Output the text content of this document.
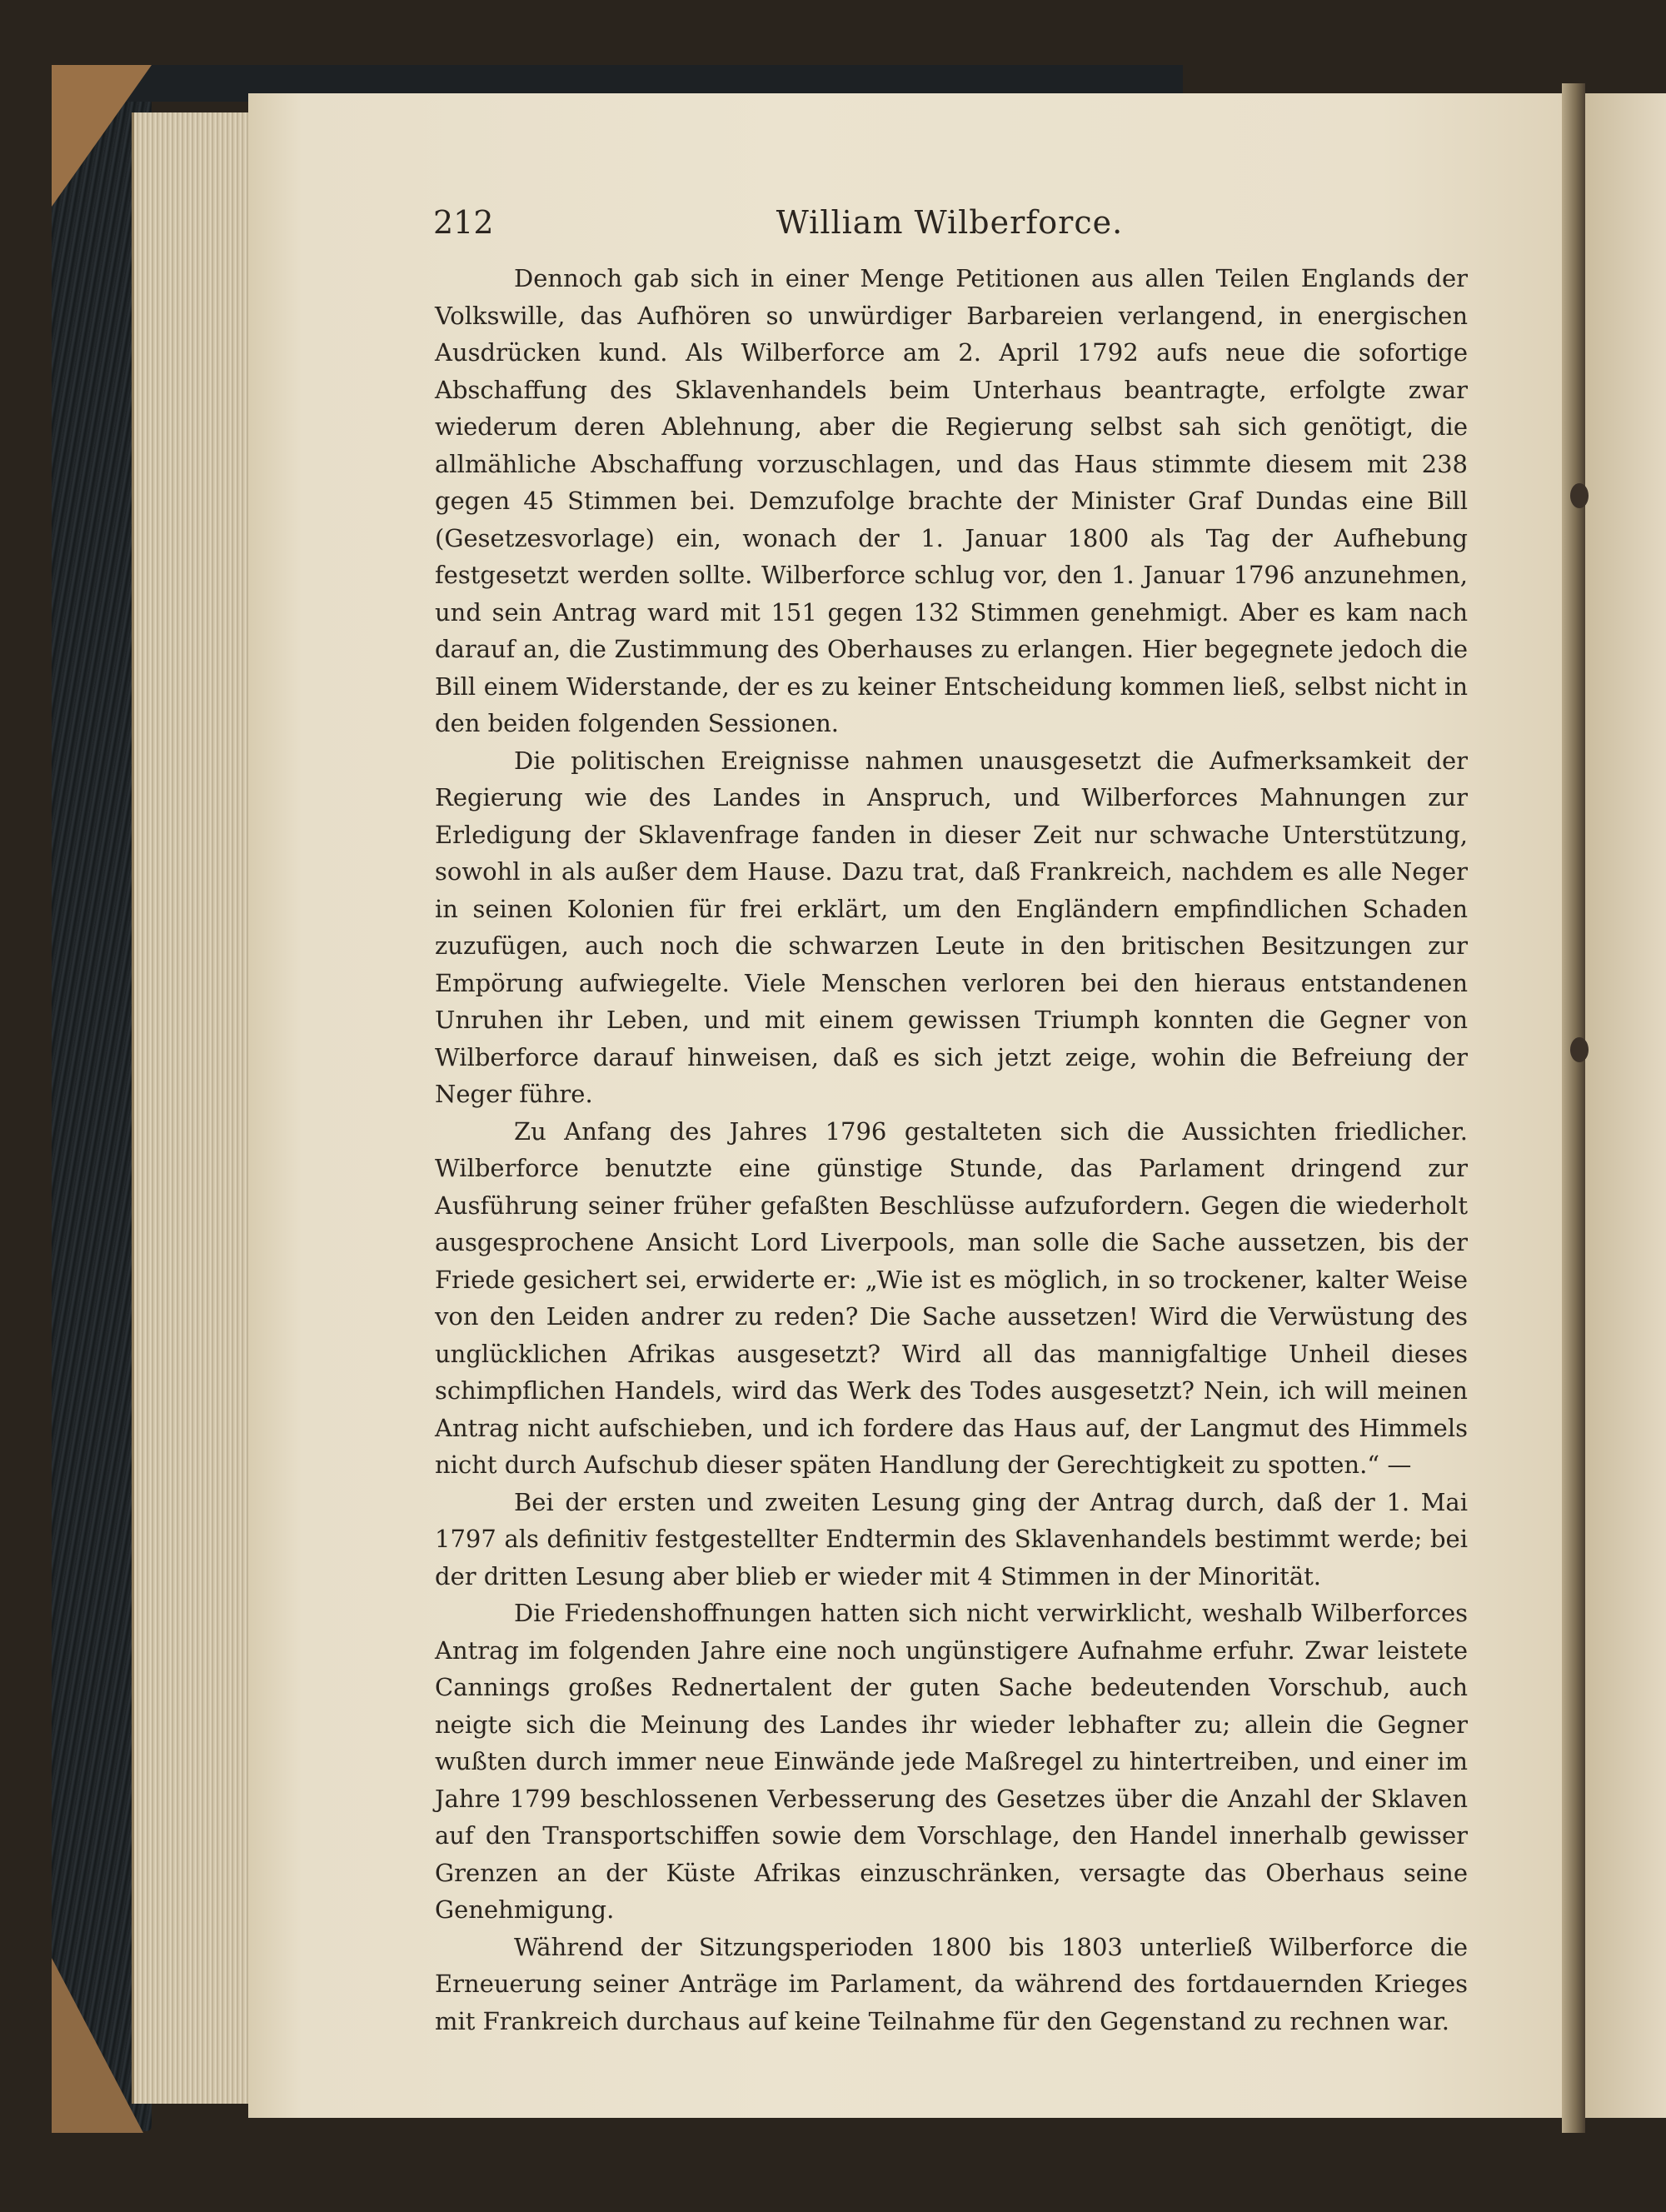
212	William Wilberforce.

Dennoch gab sich in einer Menge Petitionen aus allen Teilen Englands der Volkswille, das Aufhören so unwürdiger Barbareien verlangend, in energischen Ausdrücken kund. Als Wilberforce am 2. April 1792 aufs neue die sofortige Abschaffung des Sklavenhandels beim Unterhaus beantragte, erfolgte zwar wiederum deren Ablehnung, aber die Regierung selbst sah sich genötigt, die allmähliche Abschaffung vorzuschlagen, und das Haus stimmte diesem mit 238 gegen 45 Stimmen bei. Demzufolge brachte der Minister Graf Dundas eine Bill (Gesetzesvorlage) ein, wonach der 1. Januar 1800 als Tag der Aufhebung festgesetzt werden sollte. Wilberforce schlug vor, den 1. Januar 1796 anzunehmen, und sein Antrag ward mit 151 gegen 132 Stimmen genehmigt. Aber es kam nach darauf an, die Zustimmung des Oberhauses zu erlangen. Hier begegnete jedoch die Bill einem Widerstande, der es zu keiner Entscheidung kommen ließ, selbst nicht in den beiden folgenden Sessionen.

Die politischen Ereignisse nahmen unausgesetzt die Aufmerksamkeit der Regierung wie des Landes in Anspruch, und Wilberforces Mahnungen zur Erledigung der Sklavenfrage fanden in dieser Zeit nur schwache Unterstützung, sowohl in als außer dem Hause. Dazu trat, daß Frankreich, nachdem es alle Neger in seinen Kolonien für frei erklärt, um den Engländern empfindlichen Schaden zuzufügen, auch noch die schwarzen Leute in den britischen Besitzungen zur Empörung aufwiegelte. Viele Menschen verloren bei den hieraus entstandenen Unruhen ihr Leben, und mit einem gewissen Triumph konnten die Gegner von Wilberforce darauf hinweisen, daß es sich jetzt zeige, wohin die Befreiung der Neger führe.

Zu Anfang des Jahres 1796 gestalteten sich die Aussichten friedlicher. Wilberforce benutzte eine günstige Stunde, das Parlament dringend zur Ausführung seiner früher gefaßten Beschlüsse aufzufordern. Gegen die wiederholt ausgesprochene Ansicht Lord Liverpools, man solle die Sache aussetzen, bis der Friede gesichert sei, erwiderte er: „Wie ist es möglich, in so trockener, kalter Weise von den Leiden andrer zu reden? Die Sache aussetzen! Wird die Verwüstung des unglücklichen Afrikas ausgesetzt? Wird all das mannigfaltige Unheil dieses schimpflichen Handels, wird das Werk des Todes ausgesetzt? Nein, ich will meinen Antrag nicht aufschieben, und ich fordere das Haus auf, der Langmut des Himmels nicht durch Aufschub dieser späten Handlung der Gerechtigkeit zu spotten.“ —

Bei der ersten und zweiten Lesung ging der Antrag durch, daß der 1. Mai 1797 als definitiv festgestellter Endtermin des Sklavenhandels bestimmt werde; bei der dritten Lesung aber blieb er wieder mit 4 Stimmen in der Minorität.

Die Friedenshoffnungen hatten sich nicht verwirklicht, weshalb Wilberforces Antrag im folgenden Jahre eine noch ungünstigere Aufnahme erfuhr. Zwar leistete Cannings großes Rednertalent der guten Sache bedeutenden Vorschub, auch neigte sich die Meinung des Landes ihr wieder lebhafter zu; allein die Gegner wußten durch immer neue Einwände jede Maßregel zu hintertreiben, und einer im Jahre 1799 beschlossenen Verbesserung des Gesetzes über die Anzahl der Sklaven auf den Transportschiffen sowie dem Vorschlage, den Handel innerhalb gewisser Grenzen an der Küste Afrikas einzuschränken, versagte das Oberhaus seine Genehmigung.

Während der Sitzungsperioden 1800 bis 1803 unterließ Wilberforce die Erneuerung seiner Anträge im Parlament, da während des fortdauernden Krieges mit Frankreich durchaus auf keine Teilnahme für den Gegenstand zu rechnen war.
